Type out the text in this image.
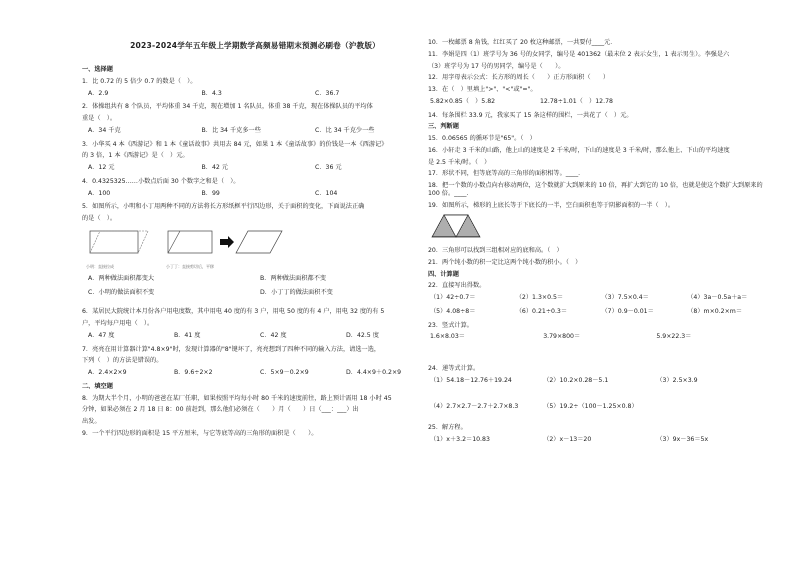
2023-2024学年五年级上学期数学高频易错期末预测必刷卷（沪教版）
一、选择题
1．比 0.72 的 5 倍少 0.7 的数是（　）。
A．2.9	B．4.3	C．36.7
2．体操组共有 8 个队员，平均体重 34 千克，现在增加 1 名队员，体重 38 千克，现在体操队员的平均体
重是（　）。
A．34 千克	B．比 34 千克多一些	C．比 34 千克少一些
3．小华买 4 本《西游记》和 1 本《童话故事》共用去 84 元，如果 1 本《童话故事》的价钱是一本《西游记》
的 3 倍，1 本《西游记》是（　）元。
A．12 元	B．42 元	C．36 元
4．0.4325325……小数点后面 30 个数字之和是（　）。
A．100	B．99	C．104
5．如图所示，小明和小丁用两种不同的方法将长方形纸框平行四边形，关于面积的变化，下面说法正确
的是（　）。
小明：直接拉成	小丁丁：直接剪切后，平移
A．两种做法面积都变大	B．两种做法面积都不变
C．小明的做法面积不变	D．小丁丁的做法面积不变
6．某居民大院统计本月份各户用电度数，其中用电 40 度的有 3 户，用电 50 度的有 4 户，用电 32 度的有 5
户，平均每户用电（　）。
A．47 度	B．41 度	C．42 度	D．42.5 度
7．亮亮在用计算器计算"4.8×9"时，发现计算器的"8"键坏了，亮亮想到了四种不同的输入方法，请选一选，
下列（　）的方法是错误的。
A．2.4×2×9	B．9.6÷2×2	C．5×9－0.2×9	D．4.4×9＋0.2×9
二、填空题
8．为期大半个月，小明的爸爸在某厂任职，如果按照平均每小时 80 千米的速度前往，路上预计需用 18 小时 45
分钟，如果必须在 2 月 18 日 8：00 前赶到，那么他们必须在（　　）月（　　）日（___：___）出
出发。
9．一个平行四边形的面积是 15 平方厘米，与它等底等高的三角形的面积是（　　）。
10．一枚邮票 8 角钱，红红买了 20 枚这种邮票，一共要付____元．
11．李娟是四（1）班学号为 36 号的女同学，编号是 401362（最末位 2 表示女生，1 表示男生）。李强是六
（3）班学号为 17 号的男同学，编号是（　　）。
12．用字母表示公式：长方形的周长（　　）正方形面积（　　）
13．在（　）里填上">"、"<"或"="。
5.82×0.85（　）5.82	12.78÷1.01（　）12.78
14．每条围栏 33.9 元，我家买了 15 条这样的围栏，一共花了（　）元。
三、判断题
15．0.06565 的循环节是"65"。（　）
16．小轩走 3 千米的山路，他上山的速度是 2 千米/时，下山的速度是 3 千米/时，那么他上、下山的平均速度
是 2.5 千米/时。（　）
17．形状不同，但等底等高的三角形的面积相等。____．
18．把一个数的小数点向右移动两位，这个数就扩大到原来的 10 倍，再扩大到它的 10 倍，也就是使这个数扩大到原来的 100 倍。____．
19．如图所示，梯形的上底长等于下底长的一半，空白面积也等于阴影面积的一半（　）。
20．三角形可以找到三组相对应的底和高。（　）
21．两个纯小数的积一定比这两个纯小数的积小。（　）
四、计算题
22．直接写出得数。
（1）42÷0.7＝	（2）1.3×0.5＝	（3）7.5×0.4＝	（4）3a－0.5a＋a＝
（5）4.08÷8＝	（6）0.21÷0.3＝	（7）0.9－0.01＝	（8）m×0.2×m＝
23．竖式计算。
1.6×8.03＝	3.79×800＝	5.9×22.3＝
24．递等式计算。
（1）54.18－12.76＋19.24	（2）10.2×0.28－5.1	（3）2.5×3.9
（4）2.7×2.7－2.7＋2.7×8.3	（5）19.2÷（100－1.25×0.8）
25．解方程。
（1）x＋3.2＝10.83	（2）x－13＝20	（3）9x－36＝5x
